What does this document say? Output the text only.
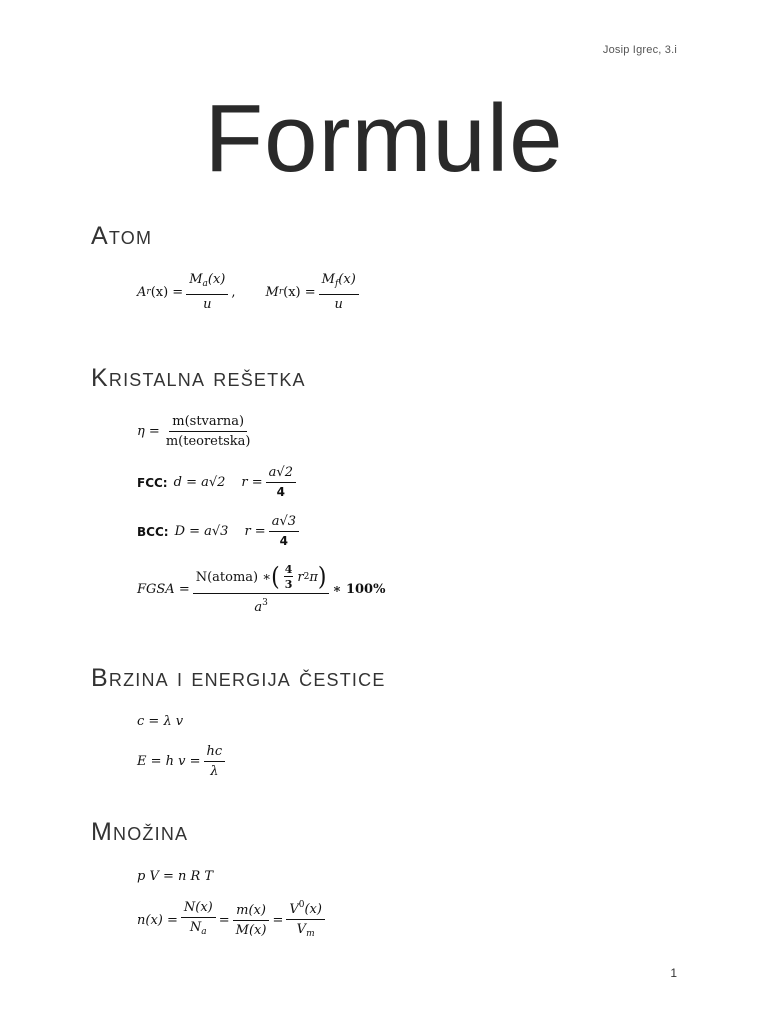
Josip Igrec, 3.i
Formule
Atom
A r $(x) = \frac{M_a(x)}{u}$ , M r $(x) = \frac{M_f(x)}{u}$
Kristalna rešetka
$\eta = \frac{\text{m(stvarna)}}{\text{m(teoretska)}}$
FCC: d = a√2 $r = \frac{a√2}{4}$
BCC: D = a√3 $r = \frac{a√3}{4}$
FGSA =
N(atoma) ∗ ( $\frac{4}{3}$ r 2 π )
$a^3$
∗ 100%
Brzina i energija čestice
c = λ v
E = h $v = \frac{hc}{\lambda}$
Množina
p V = n R T
$n(x) = \frac{N(x)}{N_a} = \frac{m(x)}{M(x)} = \frac{V^0(x)}{V_m}$
1
